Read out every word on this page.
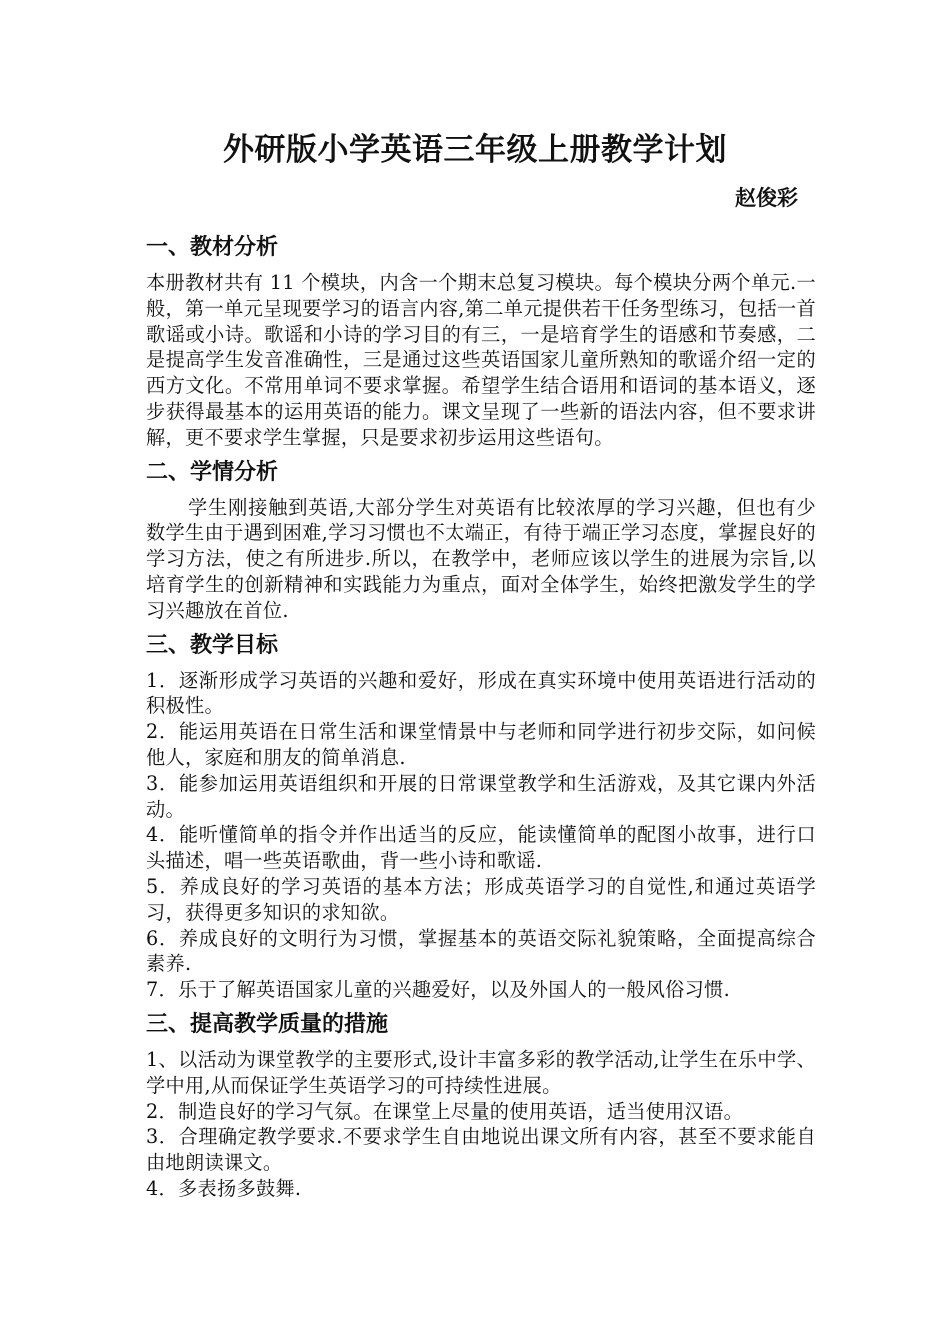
外研版小学英语三年级上册教学计划

赵俊彩

一、教材分析

本册教材共有 11 个模块，内含一个期末总复习模块。每个模块分两个单元.一般，第一单元呈现要学习的语言内容,第二单元提供若干任务型练习，包括一首歌谣或小诗。歌谣和小诗的学习目的有三，一是培育学生的语感和节奏感，二是提高学生发音准确性，三是通过这些英语国家儿童所熟知的歌谣介绍一定的西方文化。不常用单词不要求掌握。希望学生结合语用和语词的基本语义，逐步获得最基本的运用英语的能力。课文呈现了一些新的语法内容，但不要求讲解，更不要求学生掌握，只是要求初步运用这些语句。

二、学情分析

学生刚接触到英语,大部分学生对英语有比较浓厚的学习兴趣，但也有少数学生由于遇到困难,学习习惯也不太端正，有待于端正学习态度，掌握良好的学习方法，使之有所进步.所以，在教学中，老师应该以学生的进展为宗旨,以培育学生的创新精神和实践能力为重点，面对全体学生，始终把激发学生的学习兴趣放在首位.

三、教学目标

1．逐渐形成学习英语的兴趣和爱好，形成在真实环境中使用英语进行活动的积极性。

2．能运用英语在日常生活和课堂情景中与老师和同学进行初步交际，如问候他人，家庭和朋友的简单消息.

3．能参加运用英语组织和开展的日常课堂教学和生活游戏，及其它课内外活动。

4．能听懂简单的指令并作出适当的反应，能读懂简单的配图小故事，进行口头描述，唱一些英语歌曲，背一些小诗和歌谣.

5．养成良好的学习英语的基本方法；形成英语学习的自觉性,和通过英语学习，获得更多知识的求知欲。

6．养成良好的文明行为习惯，掌握基本的英语交际礼貌策略，全面提高综合素养.

7．乐于了解英语国家儿童的兴趣爱好，以及外国人的一般风俗习惯.

三、提高教学质量的措施

1、以活动为课堂教学的主要形式,设计丰富多彩的教学活动,让学生在乐中学、学中用,从而保证学生英语学习的可持续性进展。

2．制造良好的学习气氛。在课堂上尽量的使用英语，适当使用汉语。

3．合理确定教学要求.不要求学生自由地说出课文所有内容，甚至不要求能自由地朗读课文。

4．多表扬多鼓舞.
